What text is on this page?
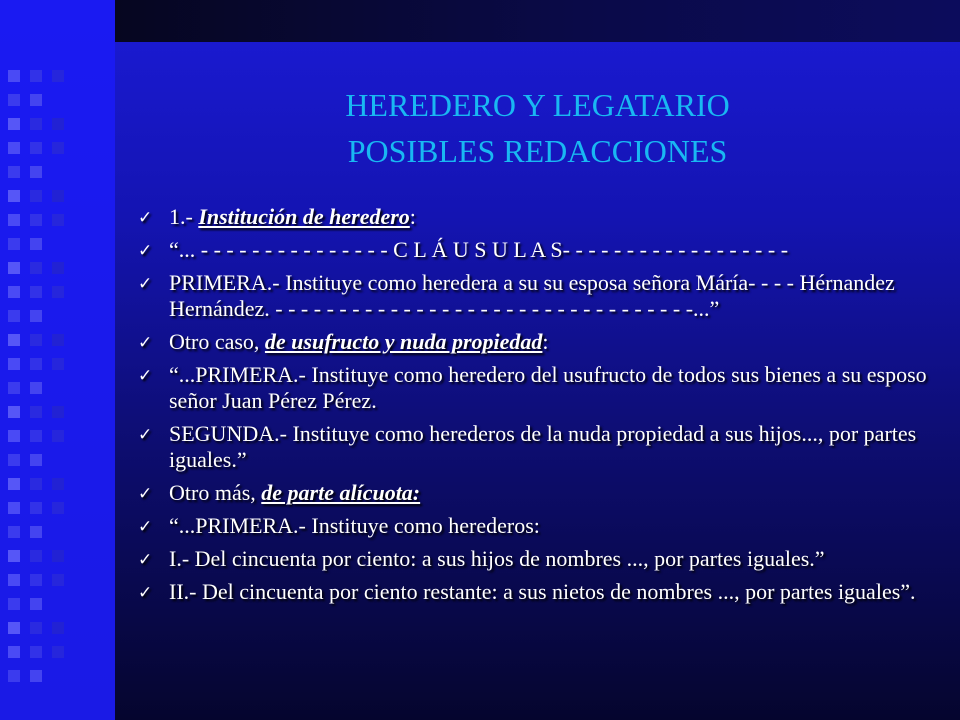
HEREDERO Y LEGATARIO
POSIBLES REDACCIONES
✓ 1.- Institución de heredero:
✓ “... - - - - - - - - - - - - - - - C L Á U S U L A S- - - - - - - - - - - - - - - - - -
✓ PRIMERA.- Instituye como heredera a su su esposa señora Máría- - - - Hérnandez Hernández. - - - - - - - - - - - - - - - - - - - - - - - - - - - - - - - - -...”
✓ Otro caso, de usufructo y nuda propiedad:
✓ “...PRIMERA.- Instituye como heredero del usufructo de todos sus bienes a su esposo señor Juan Pérez Pérez.
✓ SEGUNDA.- Instituye como herederos de la nuda propiedad a sus hijos..., por partes iguales.”
✓ Otro más, de parte alícuota:
✓ “...PRIMERA.- Instituye como herederos:
✓ I.- Del cincuenta por ciento: a sus hijos de nombres ..., por partes iguales.”
✓ II.- Del cincuenta por ciento restante: a sus nietos de nombres ..., por partes iguales”.
